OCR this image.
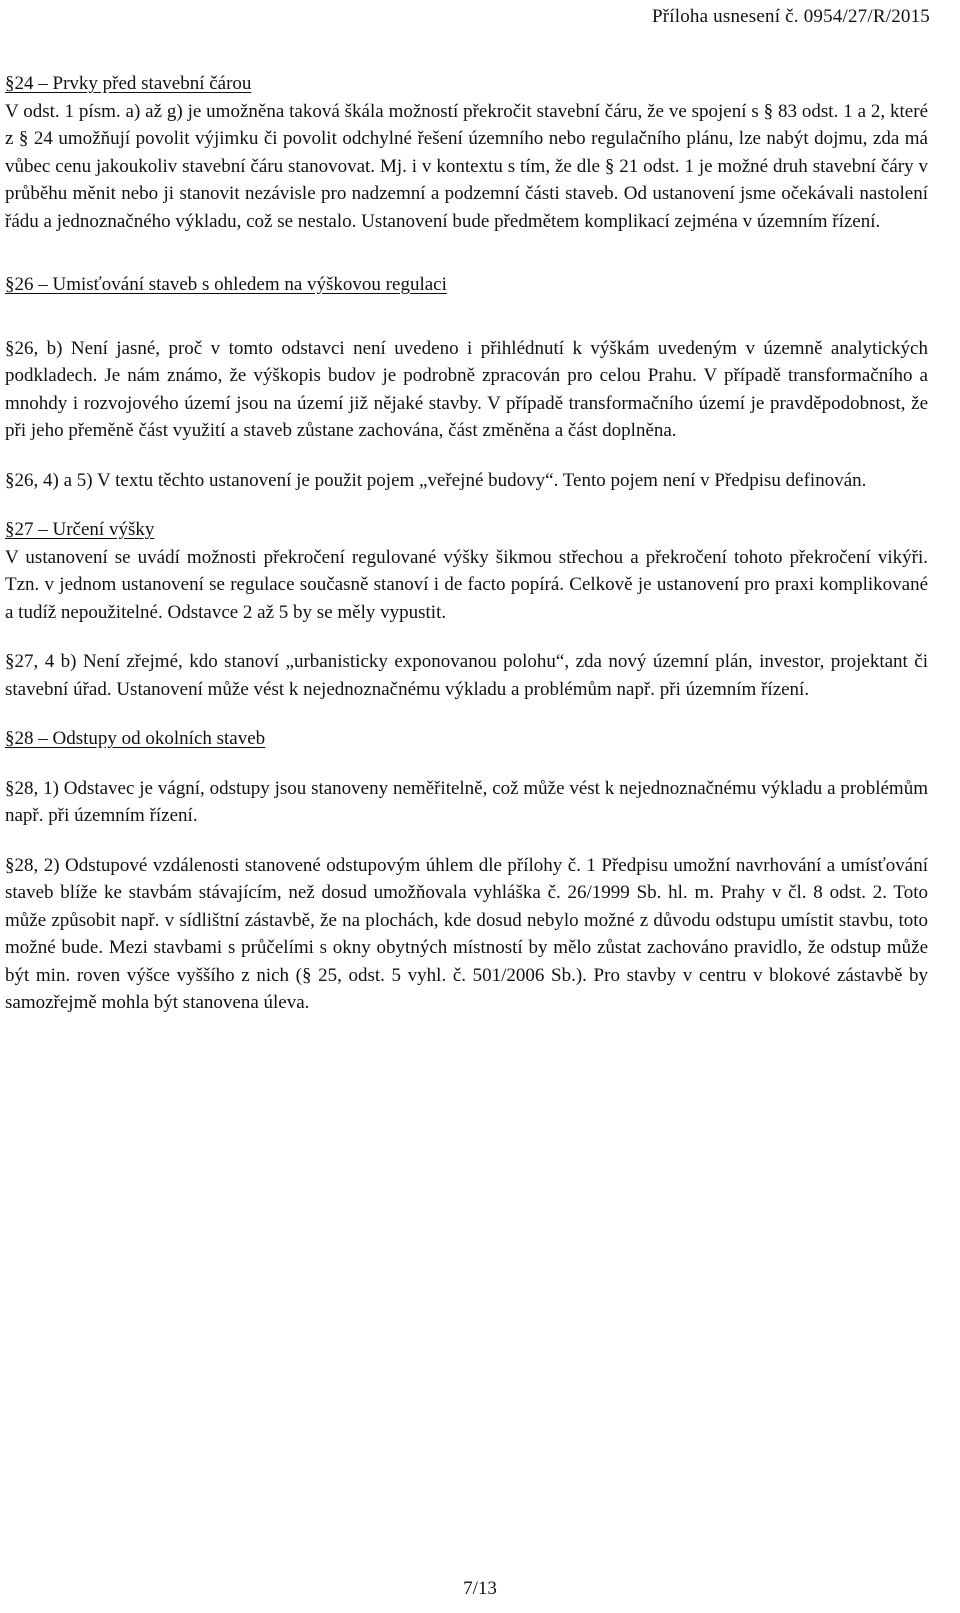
Příloha usnesení č. 0954/27/R/2015

§24 – Prvky před stavební čárou

V odst. 1 písm. a) až g) je umožněna taková škála možností překročit stavební čáru, že ve spojení s § 83 odst. 1 a 2, které z § 24 umožňují povolit výjimku či povolit odchylné řešení územního nebo regulačního plánu, lze nabýt dojmu, zda má vůbec cenu jakoukoliv stavební čáru stanovovat. Mj. i v kontextu s tím, že dle § 21 odst. 1 je možné druh stavební čáry v průběhu měnit nebo ji stanovit nezávisle pro nadzemní a podzemní části staveb. Od ustanovení jsme očekávali nastolení řádu a jednoznačného výkladu, což se nestalo. Ustanovení bude předmětem komplikací zejména v územním řízení.

§26 – Umisťování staveb s ohledem na výškovou regulaci

§26, b) Není jasné, proč v tomto odstavci není uvedeno i přihlédnutí k výškám uvedeným v územně analytických podkladech. Je nám známo, že výškopis budov je podrobně zpracován pro celou Prahu. V případě transformačního a mnohdy i rozvojového území jsou na území již nějaké stavby. V případě transformačního území je pravděpodobnost, že při jeho přeměně část využití a staveb zůstane zachována, část změněna a část doplněna.

§26, 4) a 5) V textu těchto ustanovení je použit pojem „veřejné budovy“. Tento pojem není v Předpisu definován.

§27 – Určení výšky

V ustanovení se uvádí možnosti překročení regulované výšky šikmou střechou a překročení tohoto překročení vikýři. Tzn. v jednom ustanovení se regulace současně stanoví i de facto popírá. Celkově je ustanovení pro praxi komplikované a tudíž nepoužitelné. Odstavce 2 až 5 by se měly vypustit.

§27, 4 b) Není zřejmé, kdo stanoví „urbanisticky exponovanou polohu“, zda nový územní plán, investor, projektant či stavební úřad. Ustanovení může vést k nejednoznačnému výkladu a problémům např. při územním řízení.

§28 – Odstupy od okolních staveb

§28, 1) Odstavec je vágní, odstupy jsou stanoveny neměřitelně, což může vést k nejednoznačnému výkladu a problémům např. při územním řízení.

§28, 2) Odstupové vzdálenosti stanovené odstupovým úhlem dle přílohy č. 1 Předpisu umožní navrhování a umísťování staveb blíže ke stavbám stávajícím, než dosud umožňovala vyhláška č. 26/1999 Sb. hl. m. Prahy v čl. 8 odst. 2. Toto může způsobit např. v sídlištní zástavbě, že na plochách, kde dosud nebylo možné z důvodu odstupu umístit stavbu, toto možné bude. Mezi stavbami s průčelími s okny obytných místností by mělo zůstat zachováno pravidlo, že odstup může být min. roven výšce vyššího z nich (§ 25, odst. 5 vyhl. č. 501/2006 Sb.). Pro stavby v centru v blokové zástavbě by samozřejmě mohla být stanovena úleva.

7/13
